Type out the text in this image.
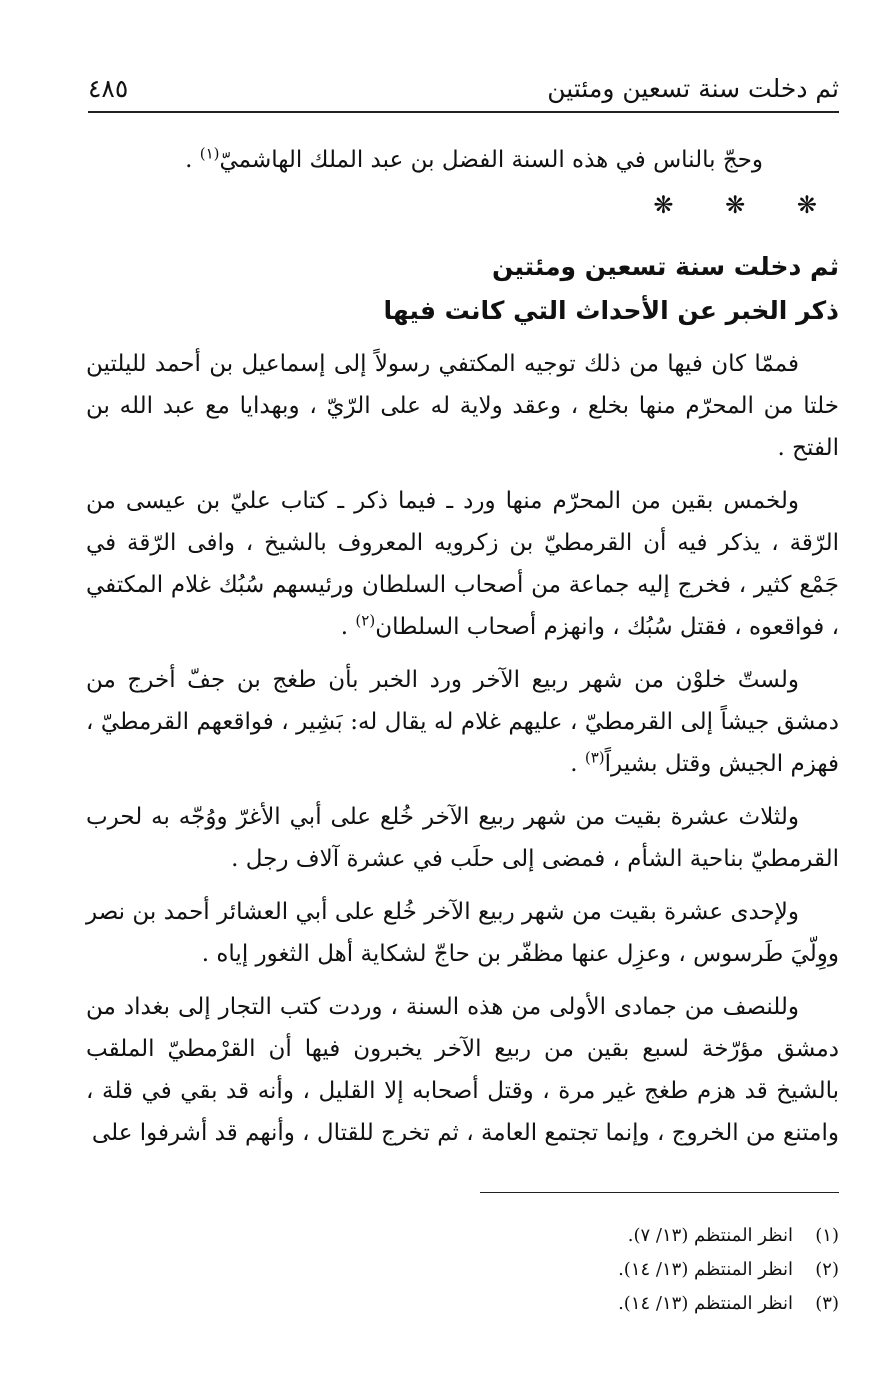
ثم دخلت سنة تسعين ومئتين
٤٨٥

وحجّ بالناس في هذه السنة الفضل بن عبد الملك الهاشميّ$^{(١)}$ .

❋ ❋ ❋
ثم دخلت سنة تسعين ومئتين
ذكر الخبر عن الأحداث التي كانت فيها

فممّا كان فيها من ذلك توجيه المكتفي رسولاً إلى إسماعيل بن أحمد لليلتين خلتا من المحرّم منها بخلع ، وعقد ولاية له على الرّيّ ، وبهدايا مع عبد الله بن الفتح .

ولخمس بقين من المحرّم منها ورد ـ فيما ذكر ـ كتاب عليّ بن عيسى من الرّقة ، يذكر فيه أن القرمطيّ بن زكرويه المعروف بالشيخ ، وافى الرّقة في جَمْع كثير ، فخرج إليه جماعة من أصحاب السلطان ورئيسهم سُبُك غلام المكتفي ، فواقعوه ، فقتل سُبُك ، وانهزم أصحاب السلطان$^{(٢)}$ .

ولستّ خلوْن من شهر ربيع الآخر ورد الخبر بأن طغج بن جفّ أخرج من دمشق جيشاً إلى القرمطيّ ، عليهم غلام له يقال له: بَشِير ، فواقعهم القرمطيّ ، فهزم الجيش وقتل بشيراً$^{(٣)}$ .

ولثلاث عشرة بقيت من شهر ربيع الآخر خُلع على أبي الأغرّ ووُجّه به لحرب القرمطيّ بناحية الشأم ، فمضى إلى حلَب في عشرة آلاف رجل .

ولإحدى عشرة بقيت من شهر ربيع الآخر خُلع على أبي العشائر أحمد بن نصر ووِلّيَ طَرسوس ، وعزِل عنها مظفّر بن حاجّ لشكاية أهل الثغور إياه .

وللنصف من جمادى الأولى من هذه السنة ، وردت كتب التجار إلى بغداد من دمشق مؤرّخة لسبع بقين من ربيع الآخر يخبرون فيها أن القرْمطيّ الملقب بالشيخ قد هزم طغج غير مرة ، وقتل أصحابه إلا القليل ، وأنه قد بقي في قلة ، وامتنع من الخروج ، وإنما تجتمع العامة ، ثم تخرج للقتال ، وأنهم قد أشرفوا على

(١)
انظر المنتظم (١٣/ ٧).
(٢)
انظر المنتظم (١٣/ ١٤).
(٣)
انظر المنتظم (١٣/ ١٤).
